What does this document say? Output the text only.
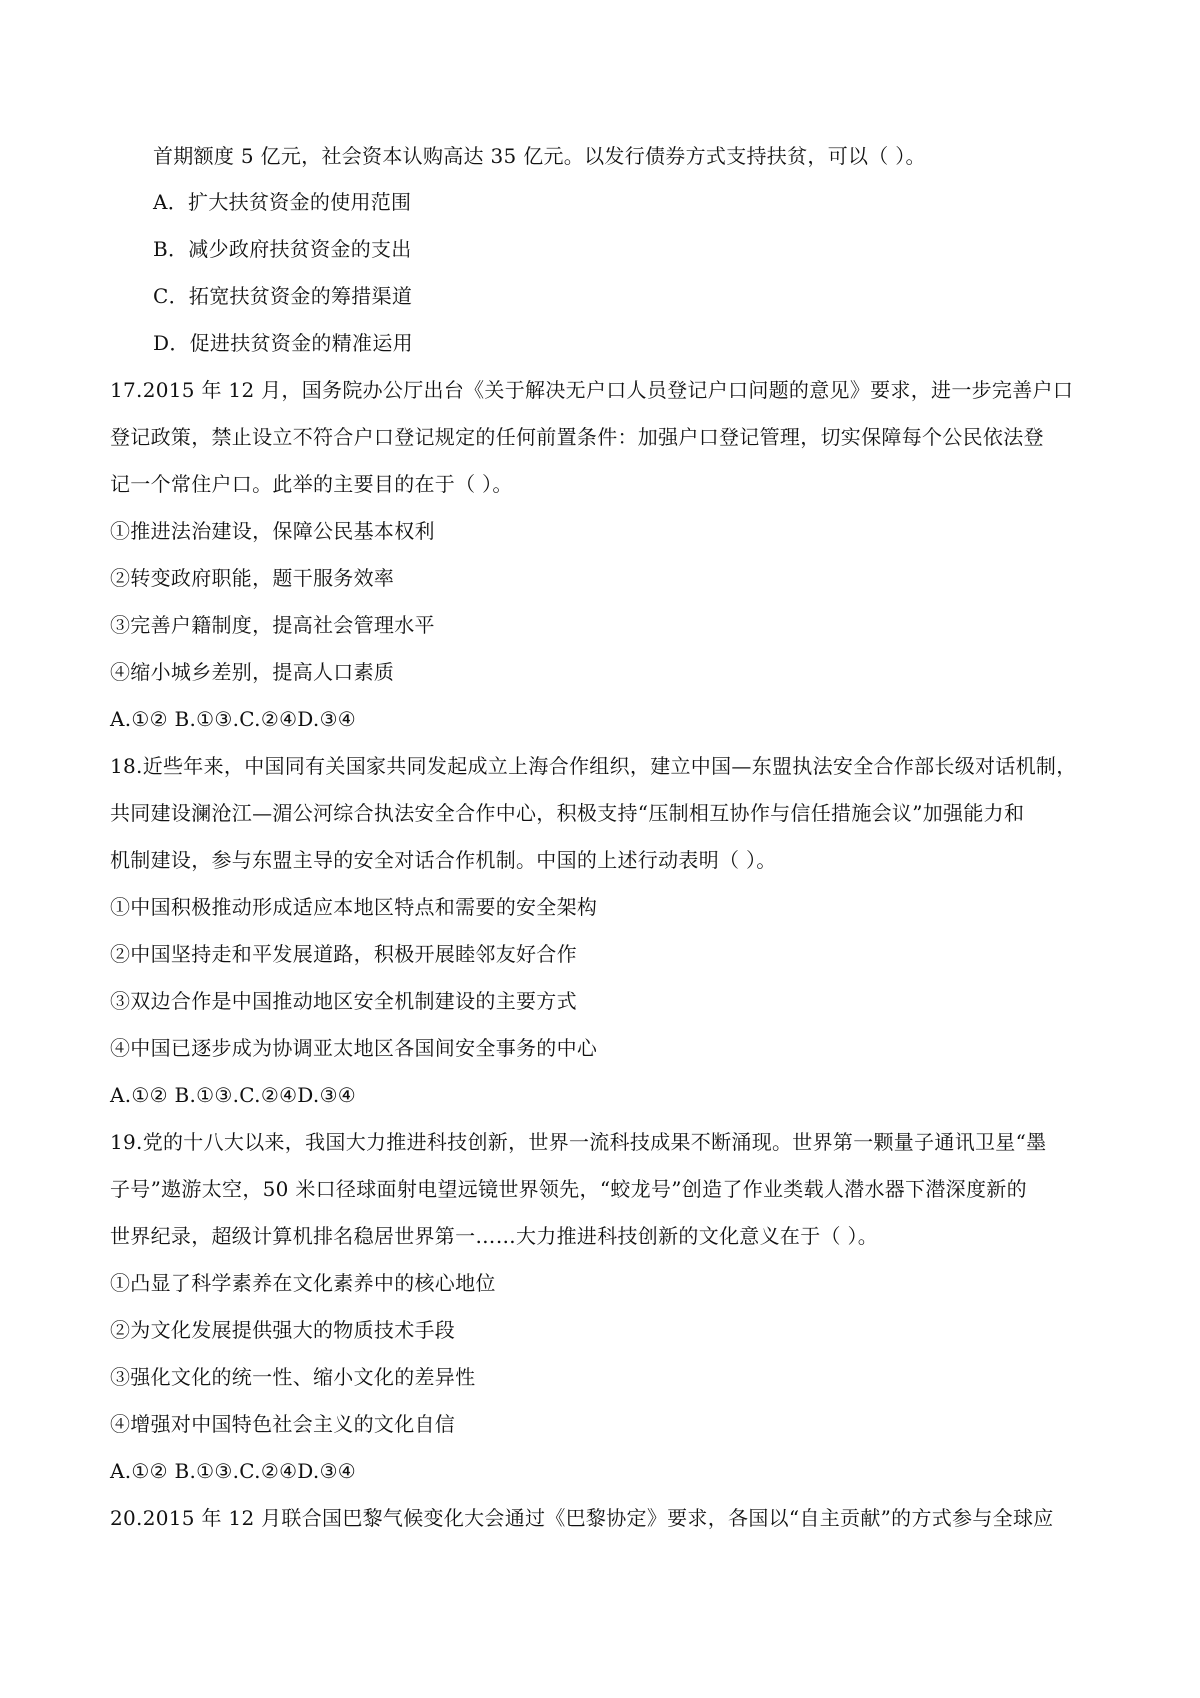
首期额度 5 亿元，社会资本认购高达 35 亿元。以发行债券方式支持扶贫，可以（ ）。
A．扩大扶贫资金的使用范围
B．减少政府扶贫资金的支出
C．拓宽扶贫资金的筹措渠道
D．促进扶贫资金的精准运用
17.2015 年 12 月，国务院办公厅出台《关于解决无户口人员登记户口问题的意见》要求，进一步完善户口
登记政策，禁止设立不符合户口登记规定的任何前置条件：加强户口登记管理，切实保障每个公民依法登
记一个常住户口。此举的主要目的在于（ ）。
①推进法治建设，保障公民基本权利
②转变政府职能，题干服务效率
③完善户籍制度，提高社会管理水平
④缩小城乡差别，提高人口素质
A.①② B.①③.C.②④D.③④
18.近些年来，中国同有关国家共同发起成立上海合作组织，建立中国—东盟执法安全合作部长级对话机制，
共同建设澜沧江—湄公河综合执法安全合作中心，积极支持“压制相互协作与信任措施会议”加强能力和
机制建设，参与东盟主导的安全对话合作机制。中国的上述行动表明（ ）。
①中国积极推动形成适应本地区特点和需要的安全架构
②中国坚持走和平发展道路，积极开展睦邻友好合作
③双边合作是中国推动地区安全机制建设的主要方式
④中国已逐步成为协调亚太地区各国间安全事务的中心
A.①② B.①③.C.②④D.③④
19.党的十八大以来，我国大力推进科技创新，世界一流科技成果不断涌现。世界第一颗量子通讯卫星“墨
子号”遨游太空，50 米口径球面射电望远镜世界领先，“蛟龙号”创造了作业类载人潜水器下潜深度新的
世界纪录，超级计算机排名稳居世界第一……大力推进科技创新的文化意义在于（ ）。
①凸显了科学素养在文化素养中的核心地位
②为文化发展提供强大的物质技术手段
③强化文化的统一性、缩小文化的差异性
④增强对中国特色社会主义的文化自信
A.①② B.①③.C.②④D.③④
20.2015 年 12 月联合国巴黎气候变化大会通过《巴黎协定》要求，各国以“自主贡献”的方式参与全球应
